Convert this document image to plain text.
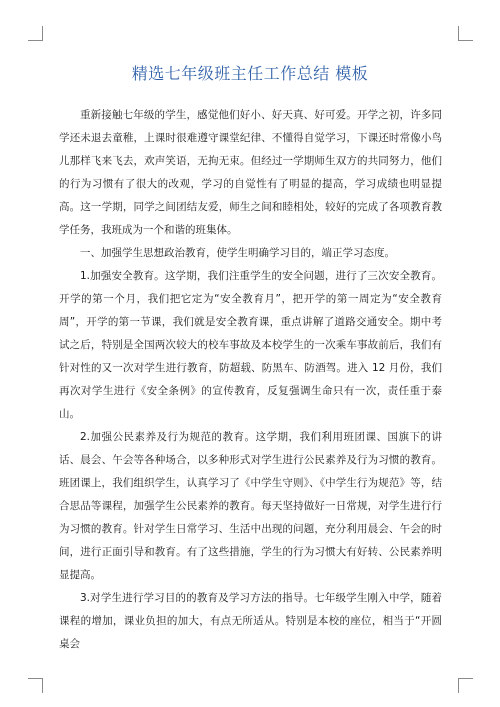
精选七年级班主任工作总结 模板

重新接触七年级的学生，感觉他们好小、好天真、好可爱。开学之初，许多同学还未退去童稚，上课时很难遵守课堂纪律、不懂得自觉学习，下课还时常像小鸟儿那样飞来飞去，欢声笑语，无拘无束。但经过一学期师生双方的共同努力，他们的行为习惯有了很大的改观，学习的自觉性有了明显的提高，学习成绩也明显提高。这一学期，同学之间团结友爱，师生之间和睦相处，较好的完成了各项教育教学任务，我班成为一个和谐的班集体。

一、加强学生思想政治教育，使学生明确学习目的，端正学习态度。

1.加强安全教育。这学期，我们注重学生的安全问题，进行了三次安全教育。开学的第一个月，我们把它定为“安全教育月”，把开学的第一周定为“安全教育周”，开学的第一节课，我们就是安全教育课，重点讲解了道路交通安全。期中考试之后，特别是全国两次较大的校车事故及本校学生的一次乘车事故前后，我们有针对性的又一次对学生进行教育，防超载、防黑车、防酒驾。进入 12 月份，我们再次对学生进行《安全条例》的宣传教育，反复强调生命只有一次，责任重于泰山。

2.加强公民素养及行为规范的教育。这学期，我们利用班团课、国旗下的讲话、晨会、午会等各种场合，以多种形式对学生进行公民素养及行为习惯的教育。班团课上，我们组织学生，认真学习了《中学生守则》、《中学生行为规范》等，结合思品等课程，加强学生公民素养的教育。每天坚持做好一日常规，对学生进行行为习惯的教育。针对学生日常学习、生活中出现的问题，充分利用晨会、午会的时间，进行正面引导和教育。有了这些措施，学生的行为习惯大有好转、公民素养明显提高。

3.对学生进行学习目的的教育及学习方法的指导。七年级学生刚入中学，随着课程的增加，课业负担的加大，有点无所适从。特别是本校的座位，相当于“开圆桌会
